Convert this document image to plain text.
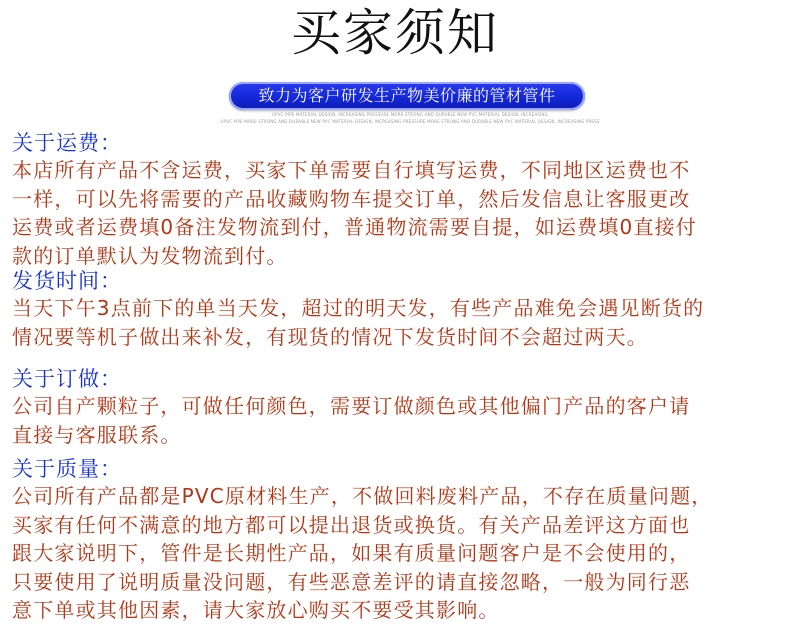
买家须知
致力为客户研发生产物美价廉的管材管件
UPVC PIPE MATERIAL DESIGN, INCREASING PRESSURE MORE STRONG AND DURABLE NEW PVC MATERIAL DESIGN, INCREASING
UPVC PIPE MORE STRONG AND DURABLE NEW PVC MATERIAL DESIGN, INCREASING PRESSURE MORE STRONG AND DURABLE NEW PVC MATERIAL DESIGN, INCREASING PRESS

关于运费：

本店所有产品不含运费，买家下单需要自行填写运费，不同地区运费也不

一样，可以先将需要的产品收藏购物车提交订单，然后发信息让客服更改

运费或者运费填0备注发物流到付，普通物流需要自提，如运费填0直接付

款的订单默认为发物流到付。

发货时间：

当天下午3点前下的单当天发，超过的明天发，有些产品难免会遇见断货的

情况要等机子做出来补发，有现货的情况下发货时间不会超过两天。

关于订做：

公司自产颗粒子，可做任何颜色，需要订做颜色或其他偏门产品的客户请

直接与客服联系。

关于质量：

公司所有产品都是PVC原材料生产，不做回料废料产品，不存在质量问题，

买家有任何不满意的地方都可以提出退货或换货。有关产品差评这方面也

跟大家说明下，管件是长期性产品，如果有质量问题客户是不会使用的，

只要使用了说明质量没问题，有些恶意差评的请直接忽略，一般为同行恶

意下单或其他因素，请大家放心购买不要受其影响。
